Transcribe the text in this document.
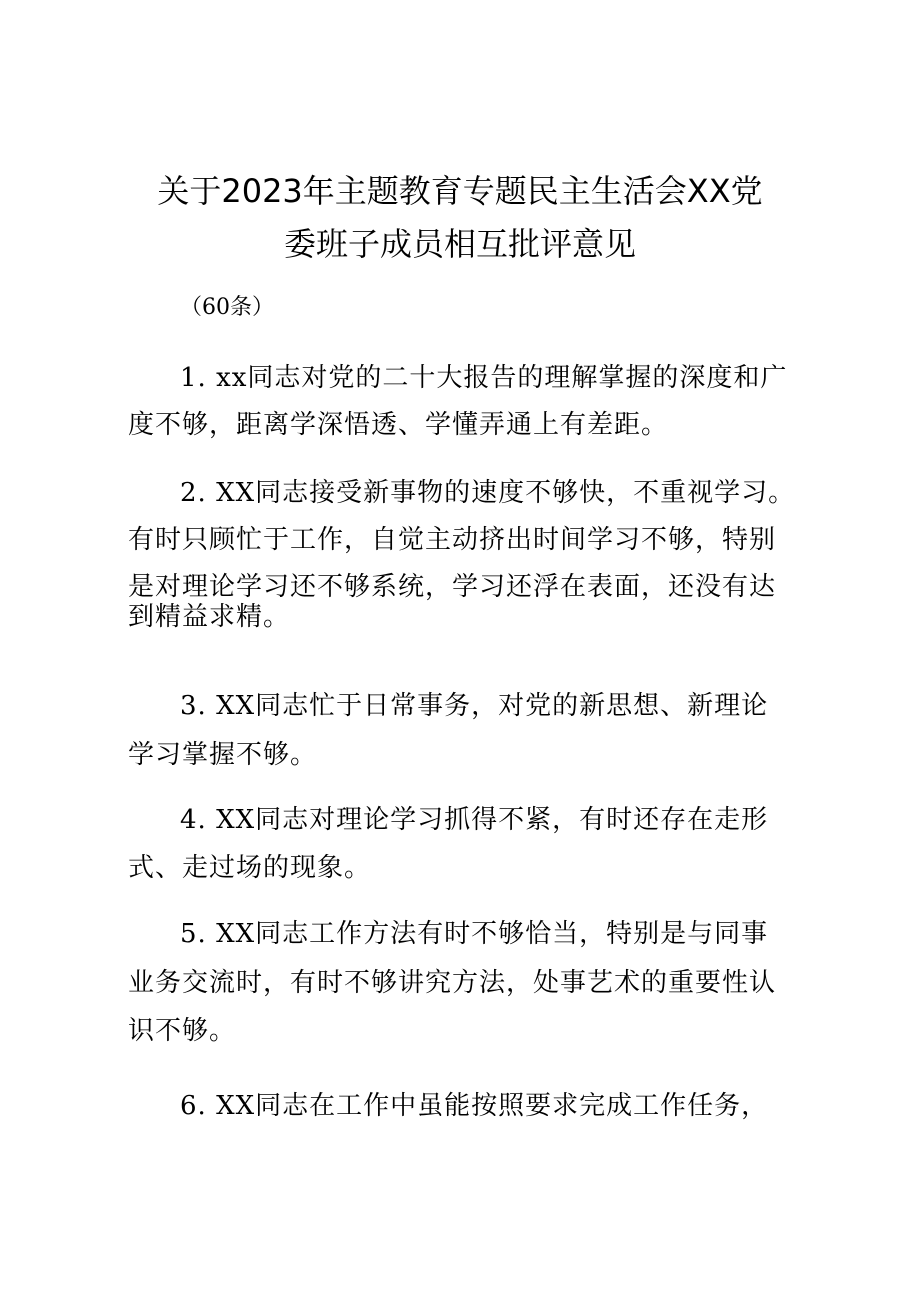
关于2023年主题教育专题民主生活会XX党
委班子成员相互批评意见
（60条）
1. xx同志对党的二十大报告的理解掌握的深度和广
度不够，距离学深悟透、学懂弄通上有差距。
2. XX同志接受新事物的速度不够快，不重视学习。
有时只顾忙于工作，自觉主动挤出时间学习不够，特别
是对理论学习还不够系统，学习还浮在表面，还没有达
到精益求精。
3. XX同志忙于日常事务，对党的新思想、新理论
学习掌握不够。
4. XX同志对理论学习抓得不紧，有时还存在走形
式、走过场的现象。
5. XX同志工作方法有时不够恰当，特别是与同事
业务交流时，有时不够讲究方法，处事艺术的重要性认
识不够。
6. XX同志在工作中虽能按照要求完成工作任务，
